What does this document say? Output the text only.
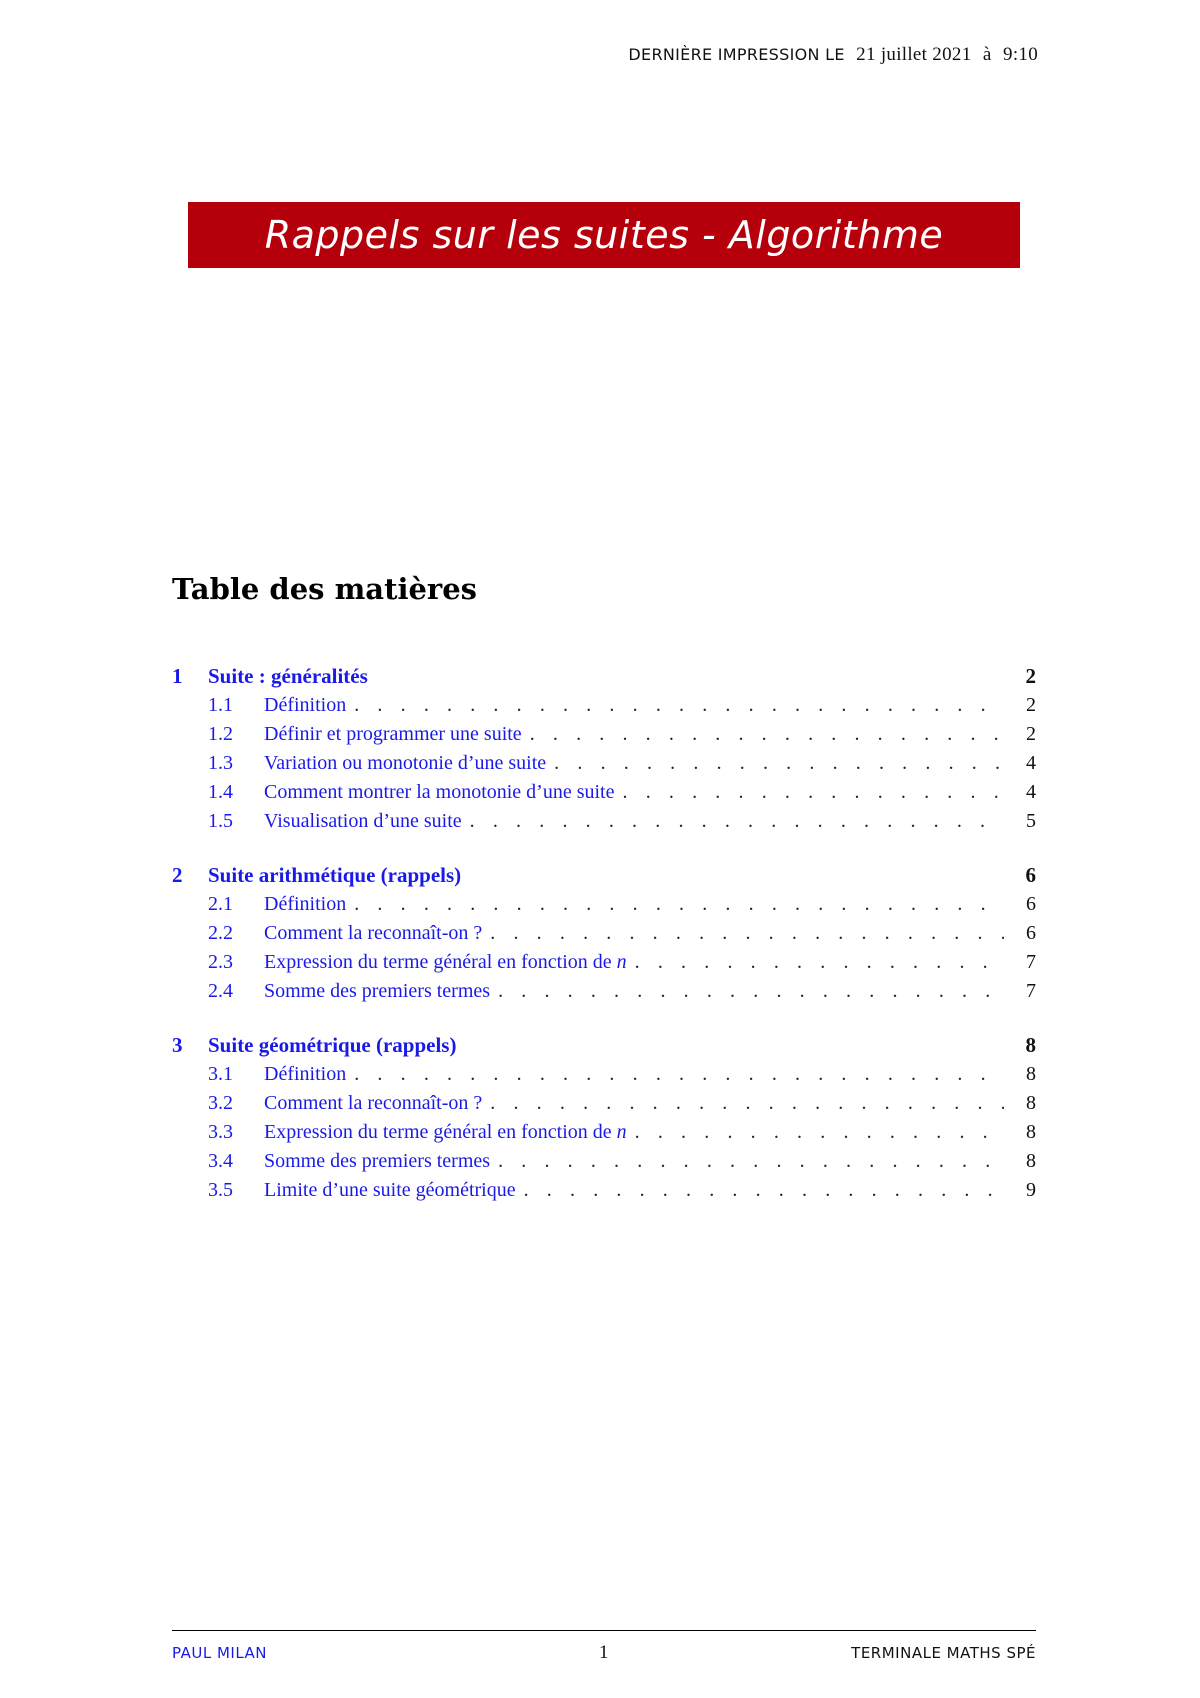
DERNIÈRE IMPRESSION LE 21 juillet 2021 à 9:10
Rappels sur les suites - Algorithme
Table des matières
1	Suite : généralités	2
1.1	Définition . . .	2
1.2	Définir et programmer une suite . . .	2
1.3	Variation ou monotonie d’une suite . . .	4
1.4	Comment montrer la monotonie d’une suite . . .	4
1.5	Visualisation d’une suite . . .	5
2	Suite arithmétique (rappels)	6
2.1	Définition . . .	6
2.2	Comment la reconnaît-on ? . . .	6
2.3	Expression du terme général en fonction de n . . .	7
2.4	Somme des premiers termes . . .	7
3	Suite géométrique (rappels)	8
3.1	Définition . . .	8
3.2	Comment la reconnaît-on ? . . .	8
3.3	Expression du terme général en fonction de n . . .	8
3.4	Somme des premiers termes . . .	8
3.5	Limite d’une suite géométrique . . .	9
PAUL MILAN	1	TERMINALE MATHS SPÉ
